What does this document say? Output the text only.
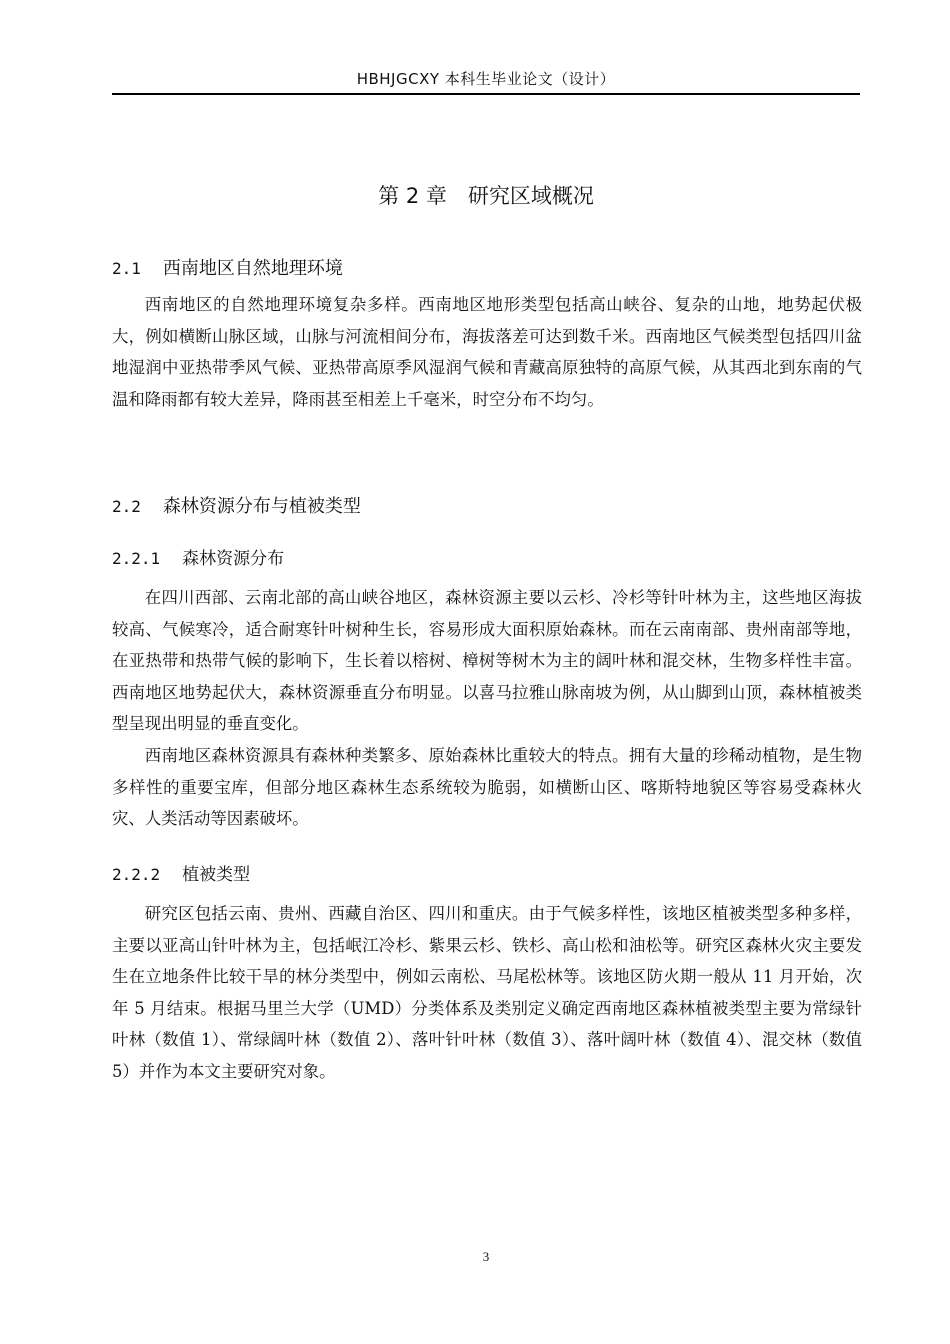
HBHJGCXY 本科生毕业论文（设计）
第 2 章　研究区域概况
2.1 西南地区自然地理环境

西南地区的自然地理环境复杂多样。西南地区地形类型包括高山峡谷、复杂的山地，地势起伏极大，例如横断山脉区域，山脉与河流相间分布，海拔落差可达到数千米。西南地区气候类型包括四川盆地湿润中亚热带季风气候、亚热带高原季风湿润气候和青藏高原独特的高原气候，从其西北到东南的气温和降雨都有较大差异，降雨甚至相差上千毫米，时空分布不均匀。

2.2 森林资源分布与植被类型
2.2.1 森林资源分布

在四川西部、云南北部的高山峡谷地区，森林资源主要以云杉、冷杉等针叶林为主，这些地区海拔较高、气候寒冷，适合耐寒针叶树种生长，容易形成大面积原始森林。而在云南南部、贵州南部等地，在亚热带和热带气候的影响下，生长着以榕树、樟树等树木为主的阔叶林和混交林，生物多样性丰富。西南地区地势起伏大，森林资源垂直分布明显。以喜马拉雅山脉南坡为例，从山脚到山顶，森林植被类型呈现出明显的垂直变化。

西南地区森林资源具有森林种类繁多、原始森林比重较大的特点。拥有大量的珍稀动植物，是生物多样性的重要宝库，但部分地区森林生态系统较为脆弱，如横断山区、喀斯特地貌区等容易受森林火灾、人类活动等因素破坏。

2.2.2 植被类型

研究区包括云南、贵州、西藏自治区、四川和重庆。由于气候多样性，该地区植被类型多种多样，主要以亚高山针叶林为主，包括岷江冷杉、紫果云杉、铁杉、高山松和油松等。研究区森林火灾主要发生在立地条件比较干旱的林分类型中，例如云南松、马尾松林等。该地区防火期一般从 11 月开始，次年 5 月结束。根据马里兰大学（UMD）分类体系及类别定义确定西南地区森林植被类型主要为常绿针叶林（数值 1）、常绿阔叶林（数值 2）、落叶针叶林（数值 3）、落叶阔叶林（数值 4）、混交林（数值 5）并作为本文主要研究对象。

3
